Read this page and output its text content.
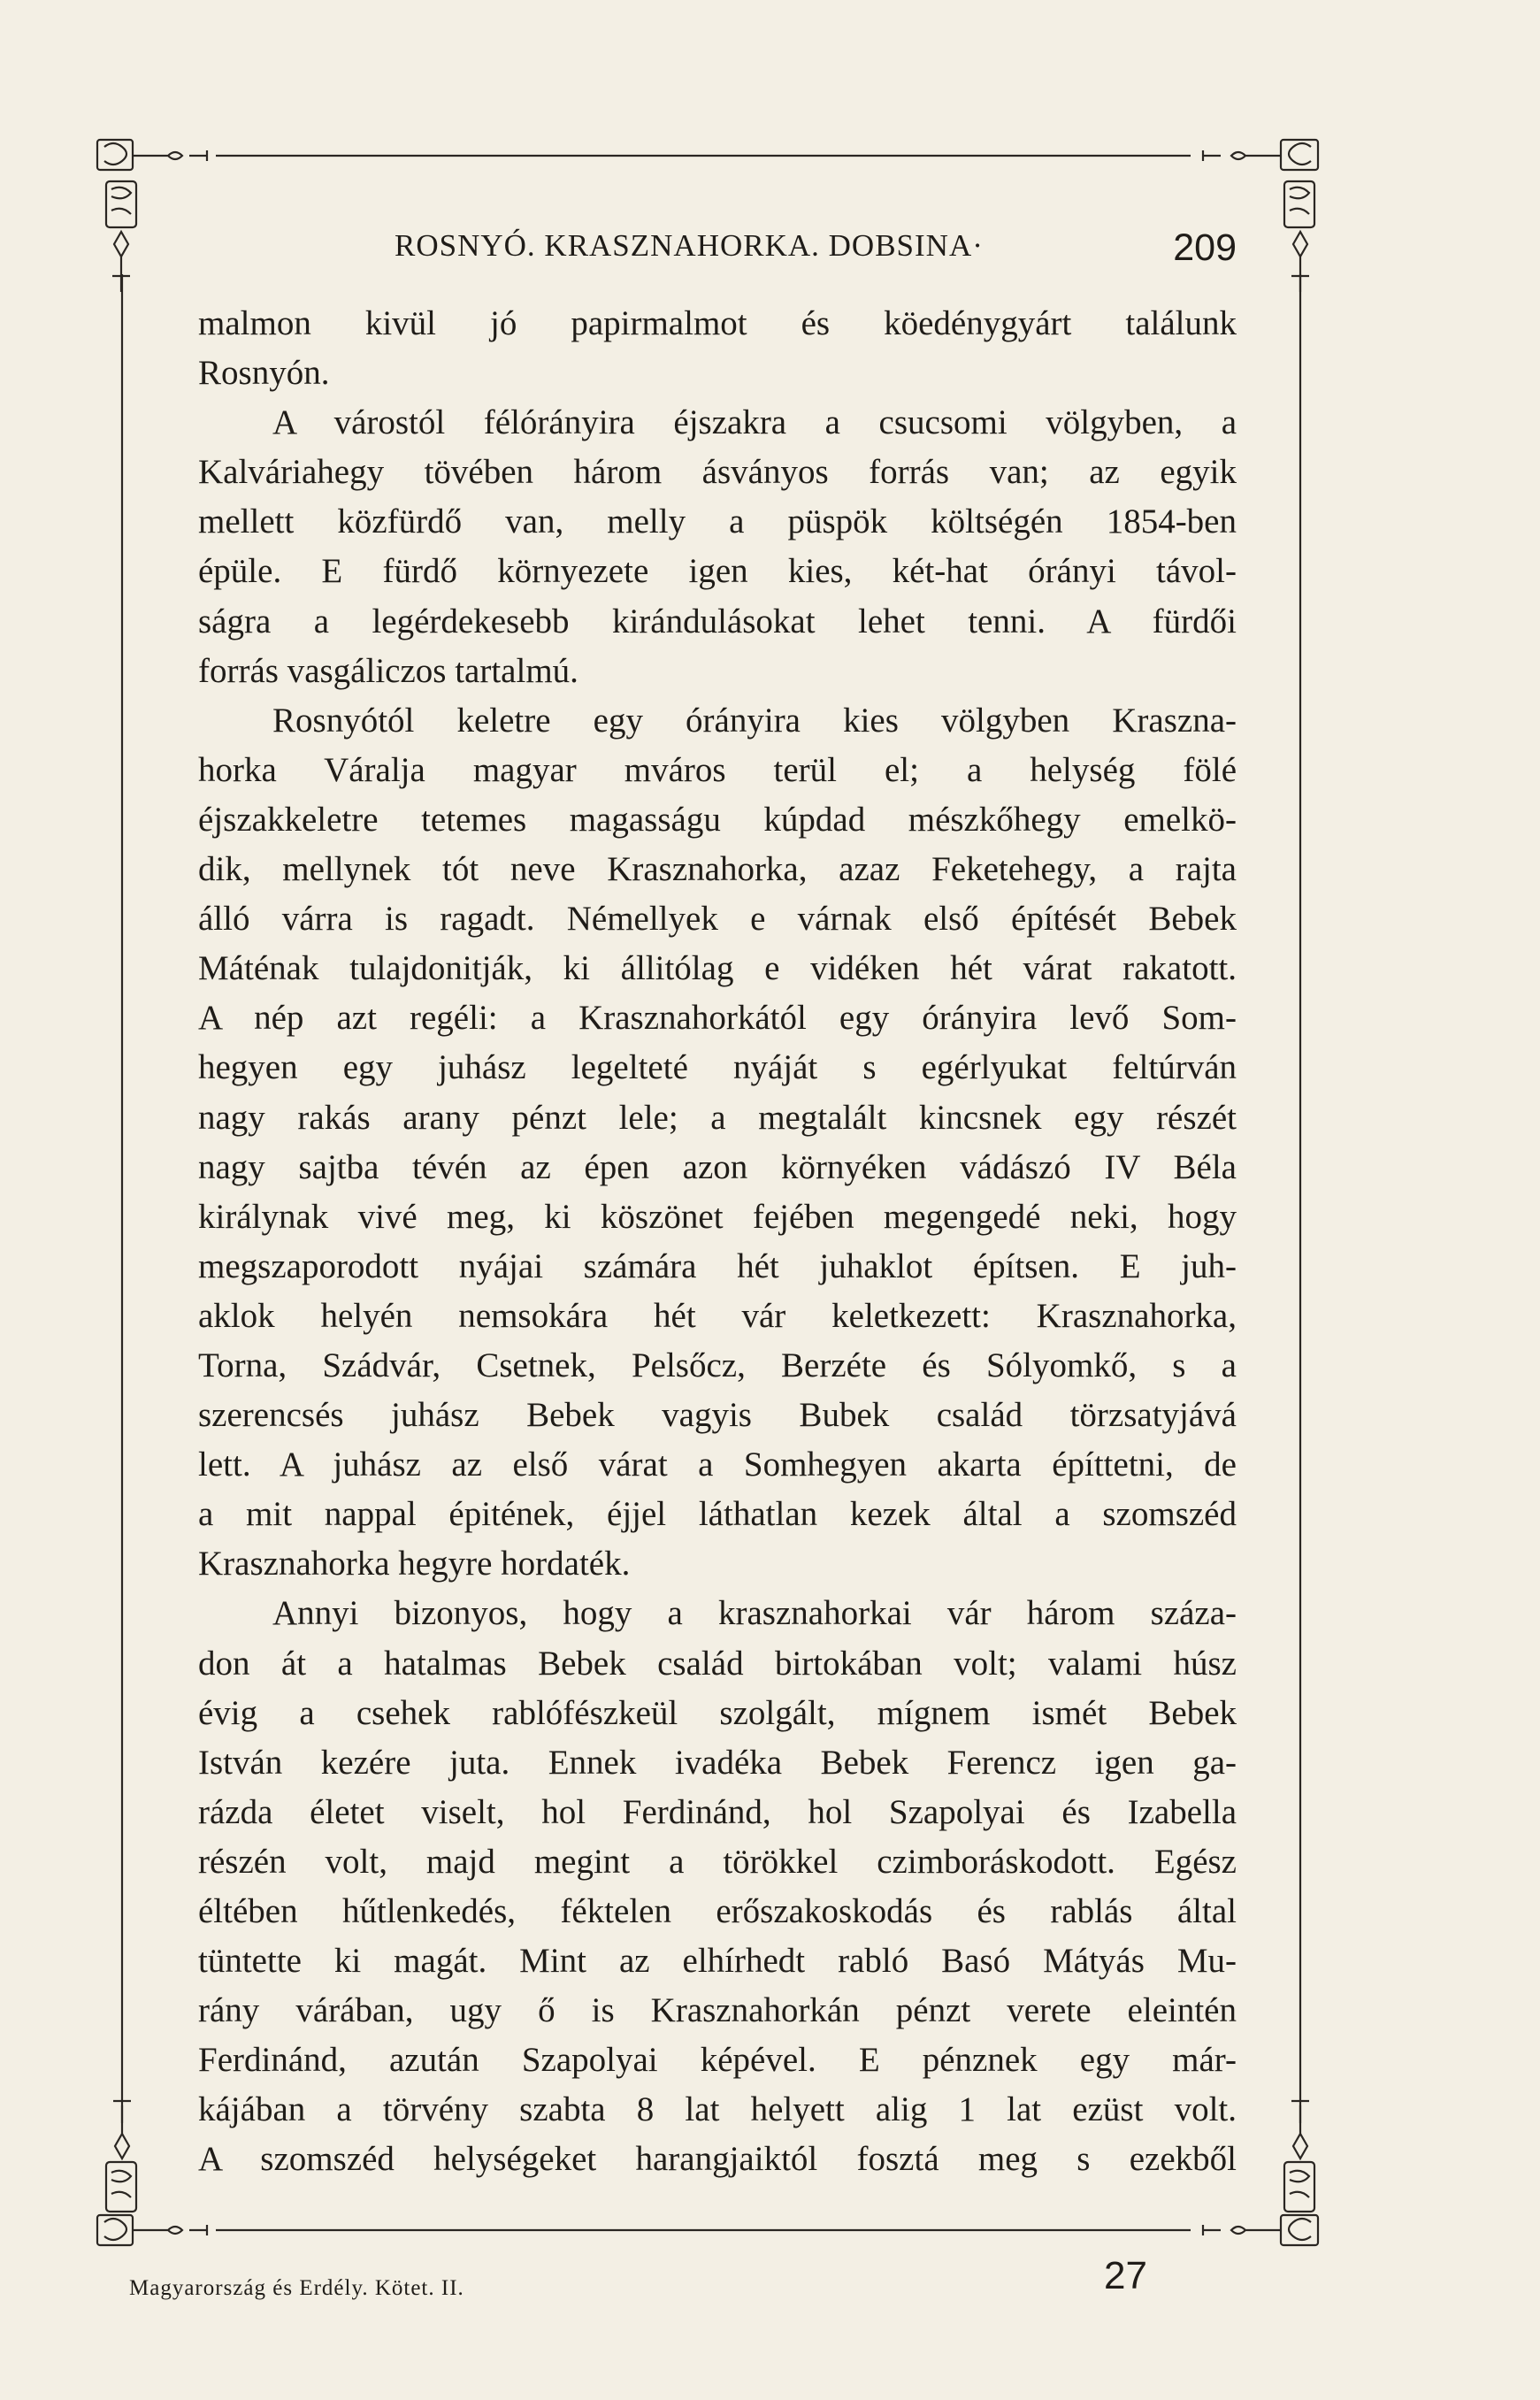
ROSNYÓ. KRASZNAHORKA. DOBSINA·	209
malmon kivül jó papirmalmot és köedénygyárt találunk
Rosnyón.
A várostól félórányira éjszakra a csucsomi völgyben, a
Kalváriahegy tövében három ásványos forrás van; az egyik
mellett közfürdő van, melly a püspök költségén 1854-ben
épüle. E fürdő környezete igen kies, két-hat órányi távol-
ságra a legérdekesebb kirándulásokat lehet tenni. A fürdői
forrás vasgáliczos tartalmú.
Rosnyótól keletre egy órányira kies völgyben Kraszna-
horka Váralja magyar mváros terül el; a helység fölé
éjszakkeletre tetemes magasságu kúpdad mészkőhegy emelkö-
dik, mellynek tót neve Krasznahorka, azaz Feketehegy, a rajta
álló várra is ragadt. Némellyek e várnak első építését Bebek
Máténak tulajdonitják, ki állitólag e vidéken hét várat rakatott.
A nép azt regéli: a Krasznahorkától egy órányira levő Som-
hegyen egy juhász legelteté nyáját s egérlyukat feltúrván
nagy rakás arany pénzt lele; a megtalált kincsnek egy részét
nagy sajtba tévén az épen azon környéken vádászó IV Béla
királynak vivé meg, ki köszönet fejében megengedé neki, hogy
megszaporodott nyájai számára hét juhaklot építsen. E juh-
aklok helyén nemsokára hét vár keletkezett: Krasznahorka,
Torna, Szádvár, Csetnek, Pelsőcz, Berzéte és Sólyomkő, s a
szerencsés juhász Bebek vagyis Bubek család törzsatyjává
lett. A juhász az első várat a Somhegyen akarta építtetni, de
a mit nappal épitének, éjjel láthatlan kezek által a szomszéd
Krasznahorka hegyre hordaték.
Annyi bizonyos, hogy a krasznahorkai vár három száza-
don át a hatalmas Bebek család birtokában volt; valami húsz
évig a csehek rablófészkeül szolgált, mígnem ismét Bebek
István kezére juta. Ennek ivadéka Bebek Ferencz igen ga-
rázda életet viselt, hol Ferdinánd, hol Szapolyai és Izabella
részén volt, majd megint a törökkel czimboráskodott. Egész
éltében hűtlenkedés, féktelen erőszakoskodás és rablás által
tüntette ki magát. Mint az elhírhedt rabló Basó Mátyás Mu-
rány várában, ugy ő is Krasznahorkán pénzt verete eleintén
Ferdinánd, azután Szapolyai képével. E pénznek egy már-
kájában a törvény szabta 8 lat helyett alig 1 lat ezüst volt.
A szomszéd helységeket harangjaiktól fosztá meg s ezekből
Magyarország és Erdély. Kötet. II.	27
